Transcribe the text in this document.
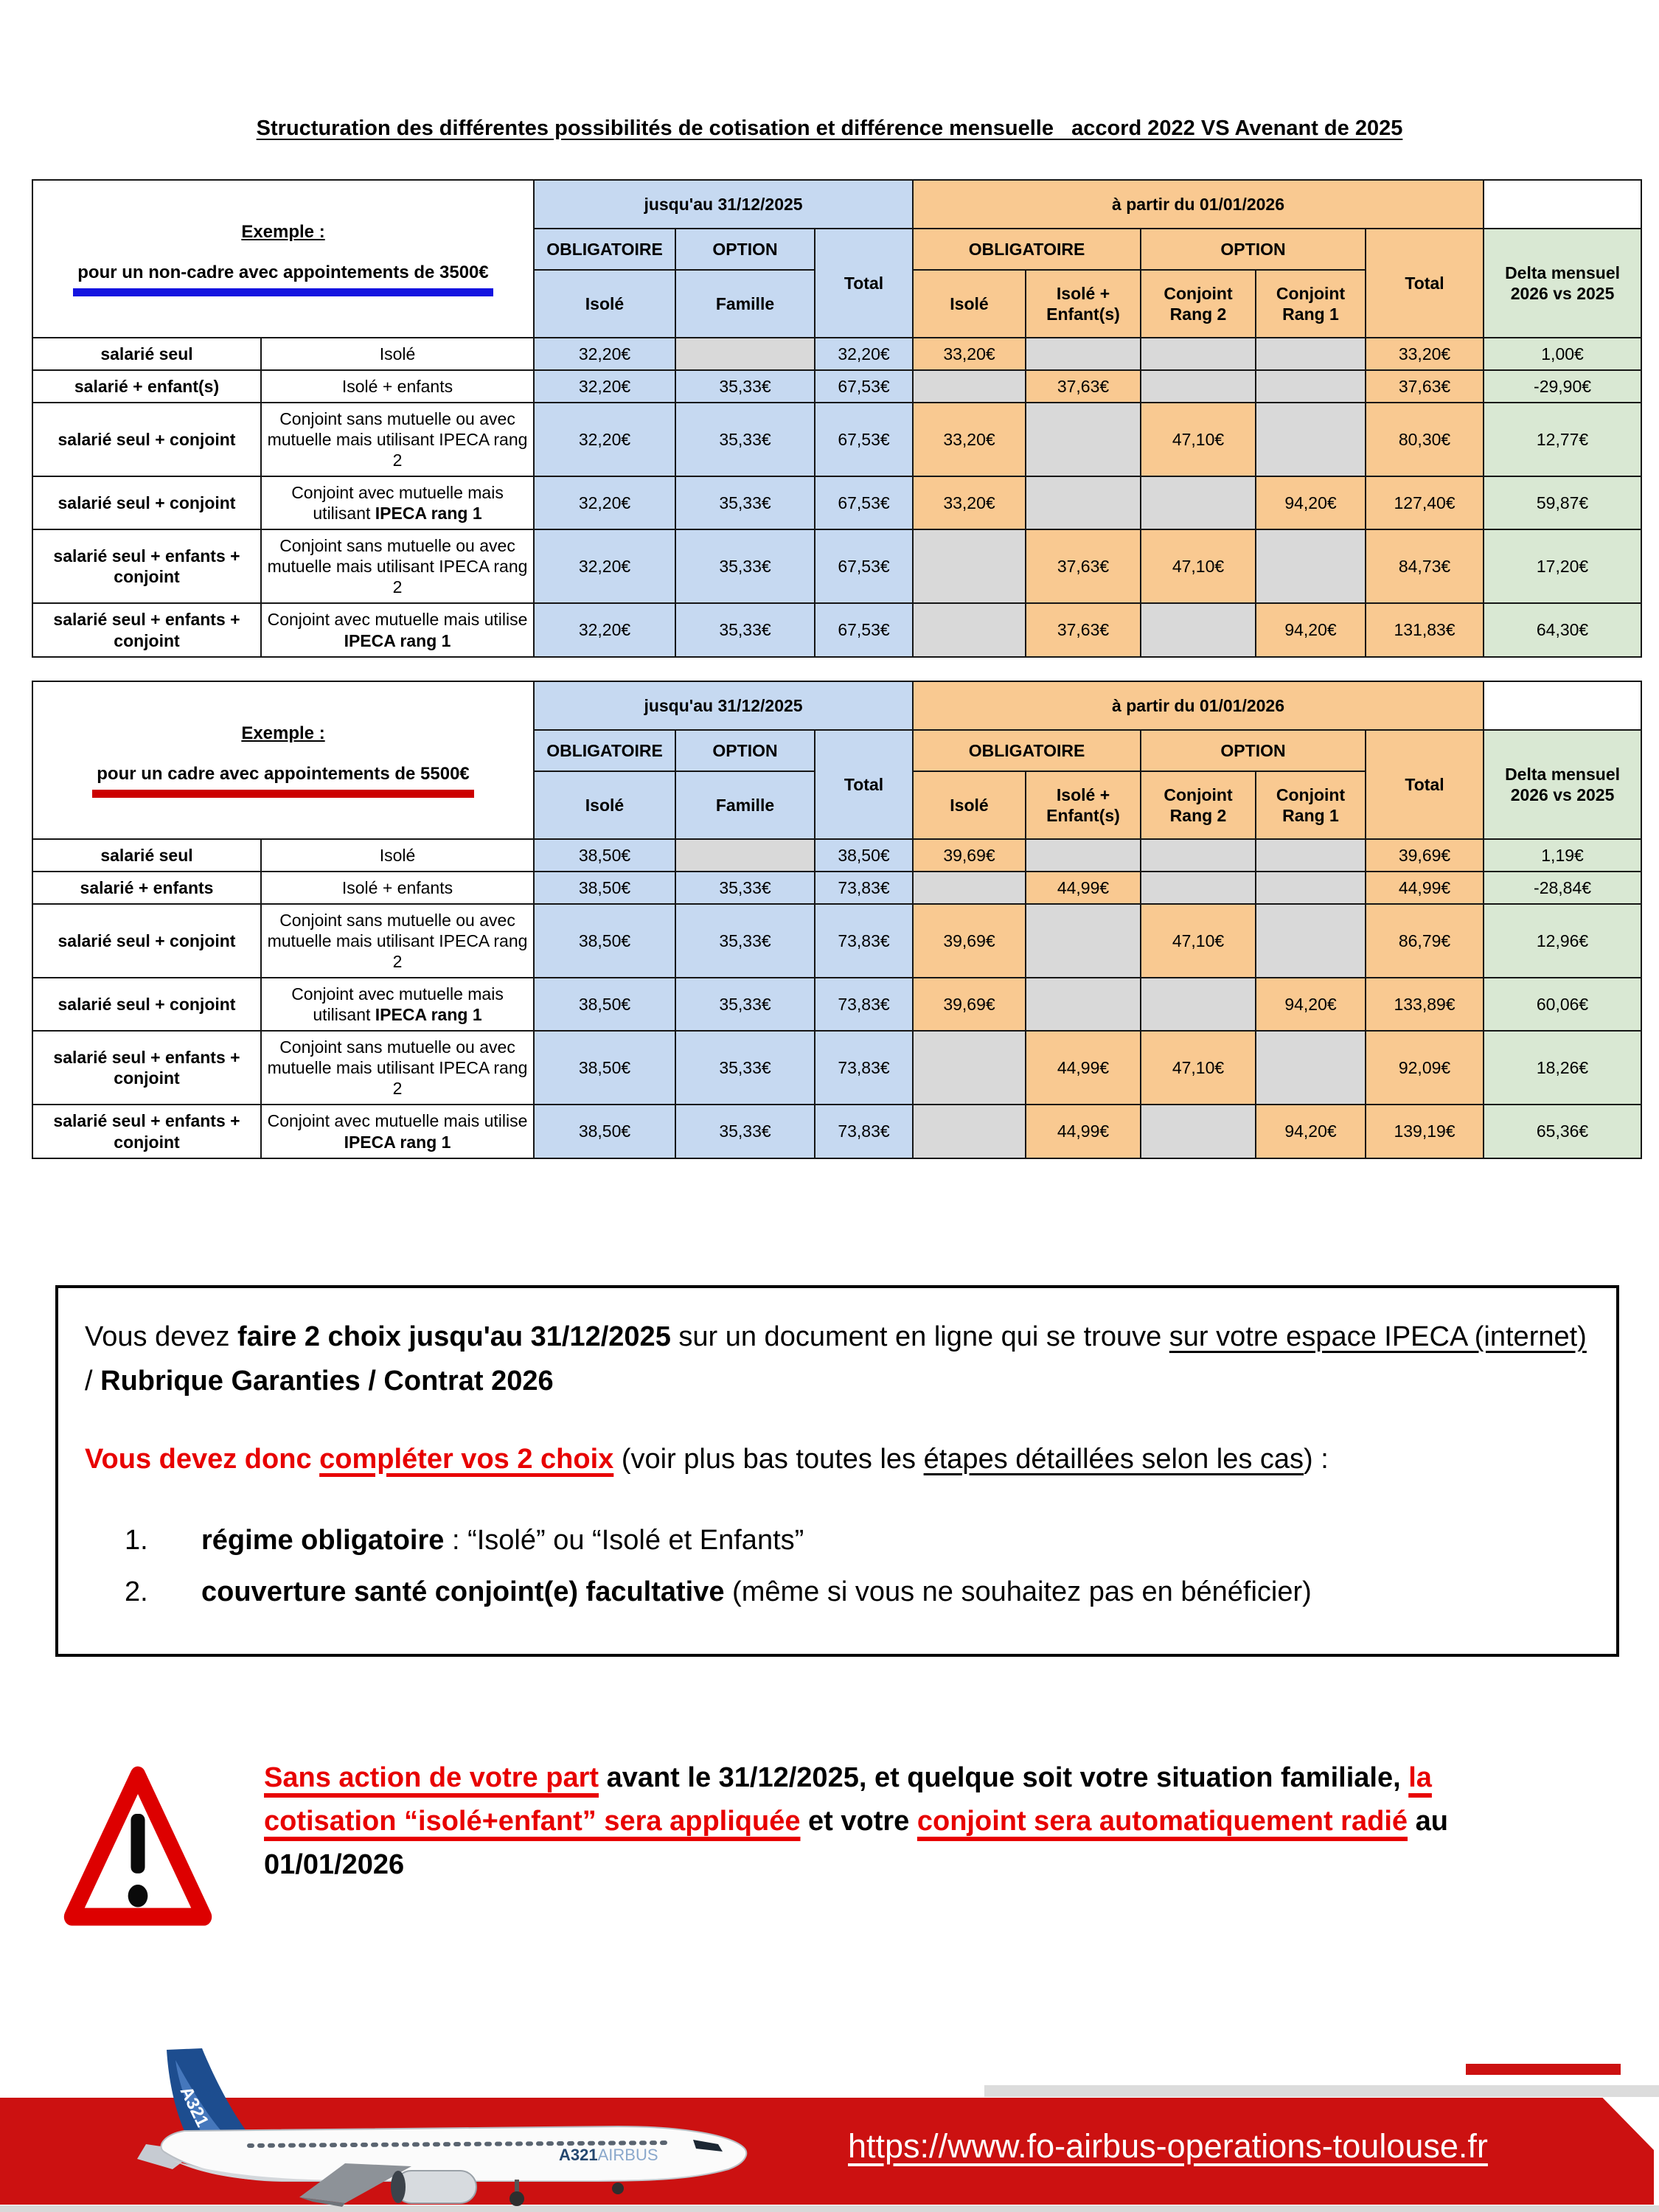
Structuration des différentes possibilités de cotisation et différence mensuelle   accord 2022 VS Avenant de 2025
Exemple :
pour un non-cadre avec appointements de 3500€		jusqu'au 31/12/2025			à partir du 01/01/2026					
		OBLIGATOIRE	OPTION	Total	OBLIGATOIRE		OPTION		Total	Delta mensuel 2026 vs 2025
		Isolé	Famille		Isolé	Isolé + Enfant(s)	Conjoint Rang 2	Conjoint Rang 1		
salarié seul	Isolé	32,20€		32,20€	33,20€				33,20€	1,00€
salarié + enfant(s)	Isolé + enfants	32,20€	35,33€	67,53€		37,63€			37,63€	-29,90€
salarié seul + conjoint	Conjoint sans mutuelle ou avec mutuelle mais utilisant IPECA rang 2	32,20€	35,33€	67,53€	33,20€		47,10€		80,30€	12,77€
salarié seul + conjoint	Conjoint avec mutuelle mais utilisant IPECA rang 1	32,20€	35,33€	67,53€	33,20€			94,20€	127,40€	59,87€
salarié seul + enfants + conjoint	Conjoint sans mutuelle ou avec mutuelle mais utilisant IPECA rang 2	32,20€	35,33€	67,53€		37,63€	47,10€		84,73€	17,20€
salarié seul + enfants + conjoint	Conjoint avec mutuelle mais utilise IPECA rang 1	32,20€	35,33€	67,53€		37,63€		94,20€	131,83€	64,30€
Exemple :
pour un cadre avec appointements de 5500€		jusqu'au 31/12/2025			à partir du 01/01/2026					
		OBLIGATOIRE	OPTION	Total	OBLIGATOIRE		OPTION		Total	Delta mensuel 2026 vs 2025
		Isolé	Famille		Isolé	Isolé + Enfant(s)	Conjoint Rang 2	Conjoint Rang 1		
salarié seul	Isolé	38,50€		38,50€	39,69€				39,69€	1,19€
salarié + enfants	Isolé + enfants	38,50€	35,33€	73,83€		44,99€			44,99€	-28,84€
salarié seul + conjoint	Conjoint sans mutuelle ou avec mutuelle mais utilisant IPECA rang 2	38,50€	35,33€	73,83€	39,69€		47,10€		86,79€	12,96€
salarié seul + conjoint	Conjoint avec mutuelle mais utilisant IPECA rang 1	38,50€	35,33€	73,83€	39,69€			94,20€	133,89€	60,06€
salarié seul + enfants + conjoint	Conjoint sans mutuelle ou avec mutuelle mais utilisant IPECA rang 2	38,50€	35,33€	73,83€		44,99€	47,10€		92,09€	18,26€
salarié seul + enfants + conjoint	Conjoint avec mutuelle mais utilise IPECA rang 1	38,50€	35,33€	73,83€		44,99€		94,20€	139,19€	65,36€

Vous devez faire 2 choix jusqu'au 31/12/2025 sur un document en ligne qui se trouve sur votre espace IPECA (internet) / Rubrique Garanties / Contrat 2026

Vous devez donc compléter vos 2 choix (voir plus bas toutes les étapes détaillées selon les cas) :

1.	régime obligatoire : “Isolé” ou “Isolé et Enfants”
2.	couverture santé conjoint(e) facultative (même si vous ne souhaitez pas en bénéficier)
Sans action de votre part avant le 31/12/2025, et quelque soit votre situation familiale, la cotisation “isolé+enfant” sera appliquée et votre conjoint sera automatiquement radié au 01/01/2026
https://www.fo-airbus-operations-toulouse.fr
A321
A321AIRBUS
